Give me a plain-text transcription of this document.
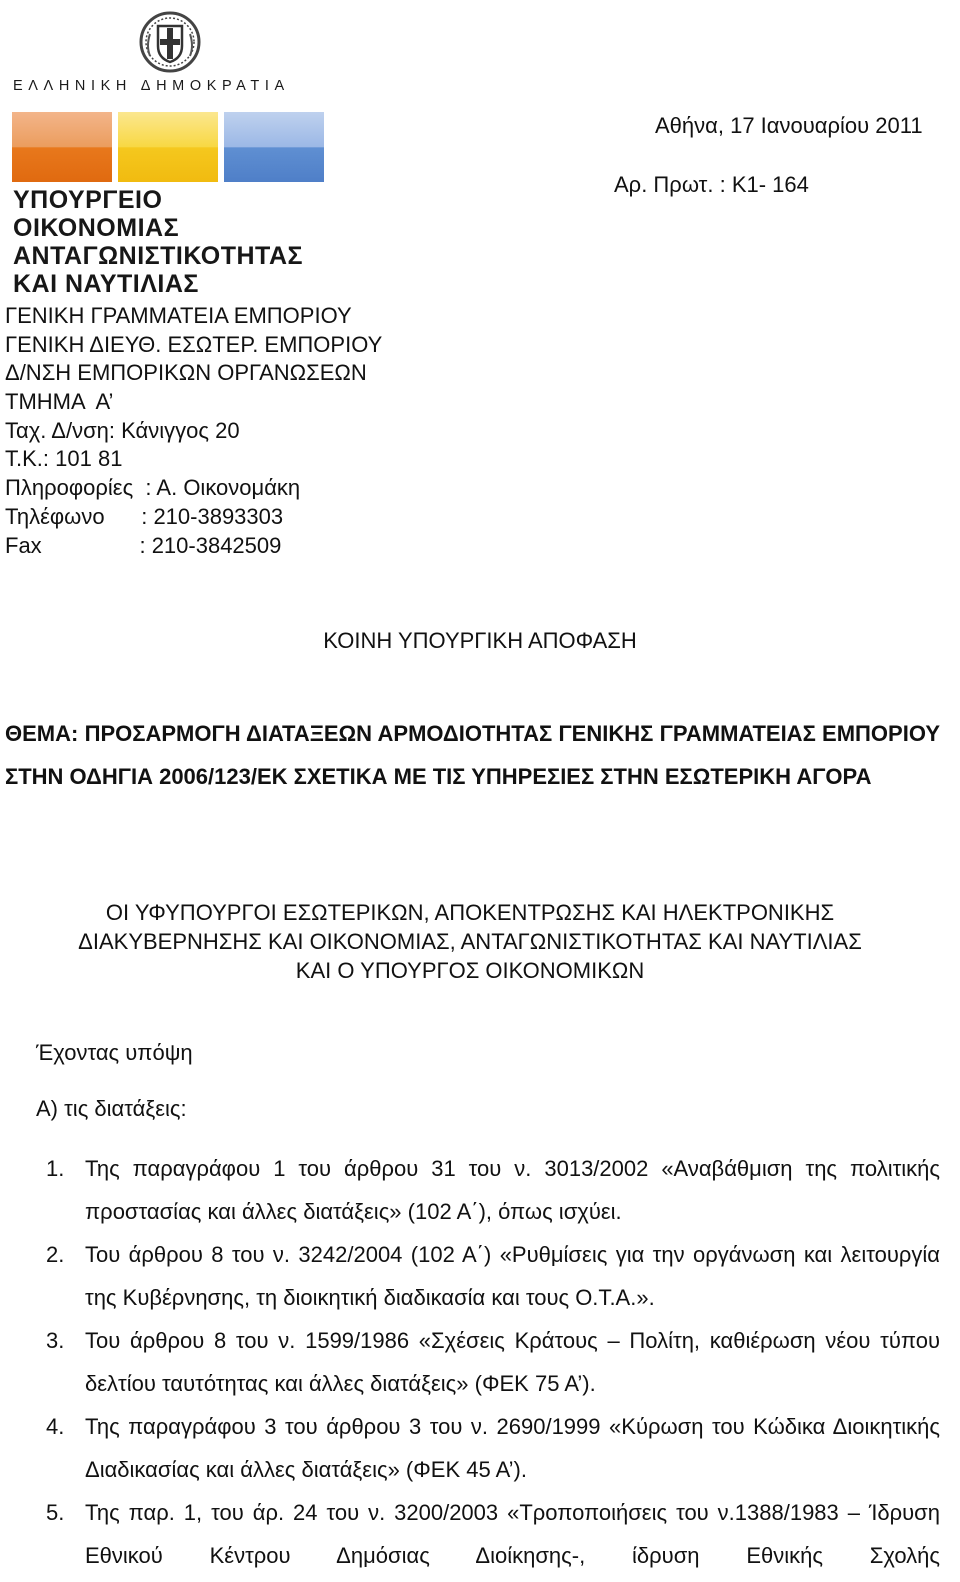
ΕΛΛΗΝΙΚΗ ΔΗΜΟΚΡΑΤΙΑ
ΥΠΟΥΡΓΕΙΟ ΟΙΚΟΝΟΜΙΑΣ
ΑΝΤΑΓΩΝΙΣΤΙΚΟΤΗΤΑΣ
ΚΑΙ ΝΑΥΤΙΛΙΑΣ
Αθήνα, 17 Ιανουαρίου 2011
Αρ. Πρωτ. : Κ1- 164
ΓΕΝΙΚΗ ΓΡΑΜΜΑΤΕΙΑ ΕΜΠΟΡΙΟΥ
ΓΕΝΙΚΗ ΔΙΕΥΘ. ΕΣΩΤΕΡ. ΕΜΠΟΡΙΟΥ
Δ/ΝΣΗ ΕΜΠΟΡΙΚΩΝ ΟΡΓΑΝΩΣΕΩΝ
ΤΜΗΜΑ  Α’
Ταχ. Δ/νση: Κάνιγγος 20
Τ.Κ.: 101 81
Πληροφορίες  : Α. Οικονομάκη
Τηλέφωνο      : 210-3893303
Fax                : 210-3842509
ΚΟΙΝΗ ΥΠΟΥΡΓΙΚΗ ΑΠΟΦΑΣΗ
ΘΕΜΑ: ΠΡΟΣΑΡΜΟΓΗ ΔΙΑΤΑΞΕΩΝ ΑΡΜΟΔΙΟΤΗΤΑΣ ΓΕΝΙΚΗΣ ΓΡΑΜΜΑΤΕΙΑΣ ΕΜΠΟΡΙΟΥ ΣΤΗΝ ΟΔΗΓΙΑ 2006/123/ΕΚ ΣΧΕΤΙΚΑ ΜΕ ΤΙΣ ΥΠΗΡΕΣΙΕΣ ΣΤΗΝ ΕΣΩΤΕΡΙΚΗ ΑΓΟΡΑ
ΟΙ ΥΦΥΠΟΥΡΓΟΙ ΕΣΩΤΕΡΙΚΩΝ, ΑΠΟΚΕΝΤΡΩΣΗΣ ΚΑΙ ΗΛΕΚΤΡΟΝΙΚΗΣ
ΔΙΑΚΥΒΕΡΝΗΣΗΣ ΚΑΙ ΟΙΚΟΝΟΜΙΑΣ, ΑΝΤΑΓΩΝΙΣΤΙΚΟΤΗΤΑΣ ΚΑΙ ΝΑΥΤΙΛΙΑΣ
ΚΑΙ Ο ΥΠΟΥΡΓΟΣ ΟΙΚΟΝΟΜΙΚΩΝ
Έχοντας υπόψη
Α) τις διατάξεις:
1. Της παραγράφου 1 του άρθρου 31 του ν. 3013/2002 «Αναβάθμιση της πολιτικής προστασίας και άλλες διατάξεις» (102 Α΄), όπως ισχύει.
2. Του άρθρου 8 του ν. 3242/2004 (102 Α΄) «Ρυθμίσεις για την οργάνωση και λειτουργία της Κυβέρνησης, τη διοικητική διαδικασία και τους Ο.Τ.Α.».
3. Του άρθρου 8 του ν. 1599/1986 «Σχέσεις Κράτους – Πολίτη, καθιέρωση νέου τύπου δελτίου ταυτότητας και άλλες διατάξεις» (ΦΕΚ 75 Α’).
4. Της παραγράφου 3 του άρθρου 3 του ν. 2690/1999 «Κύρωση του Κώδικα Διοικητικής Διαδικασίας και άλλες διατάξεις» (ΦΕΚ 45 Α’).
5. Της παρ. 1, του άρ. 24 του ν. 3200/2003 «Τροποποιήσεις του ν.1388/1983 – Ίδρυση Εθνικού Κέντρου Δημόσιας Διοίκησης-, ίδρυση Εθνικής Σχολής
